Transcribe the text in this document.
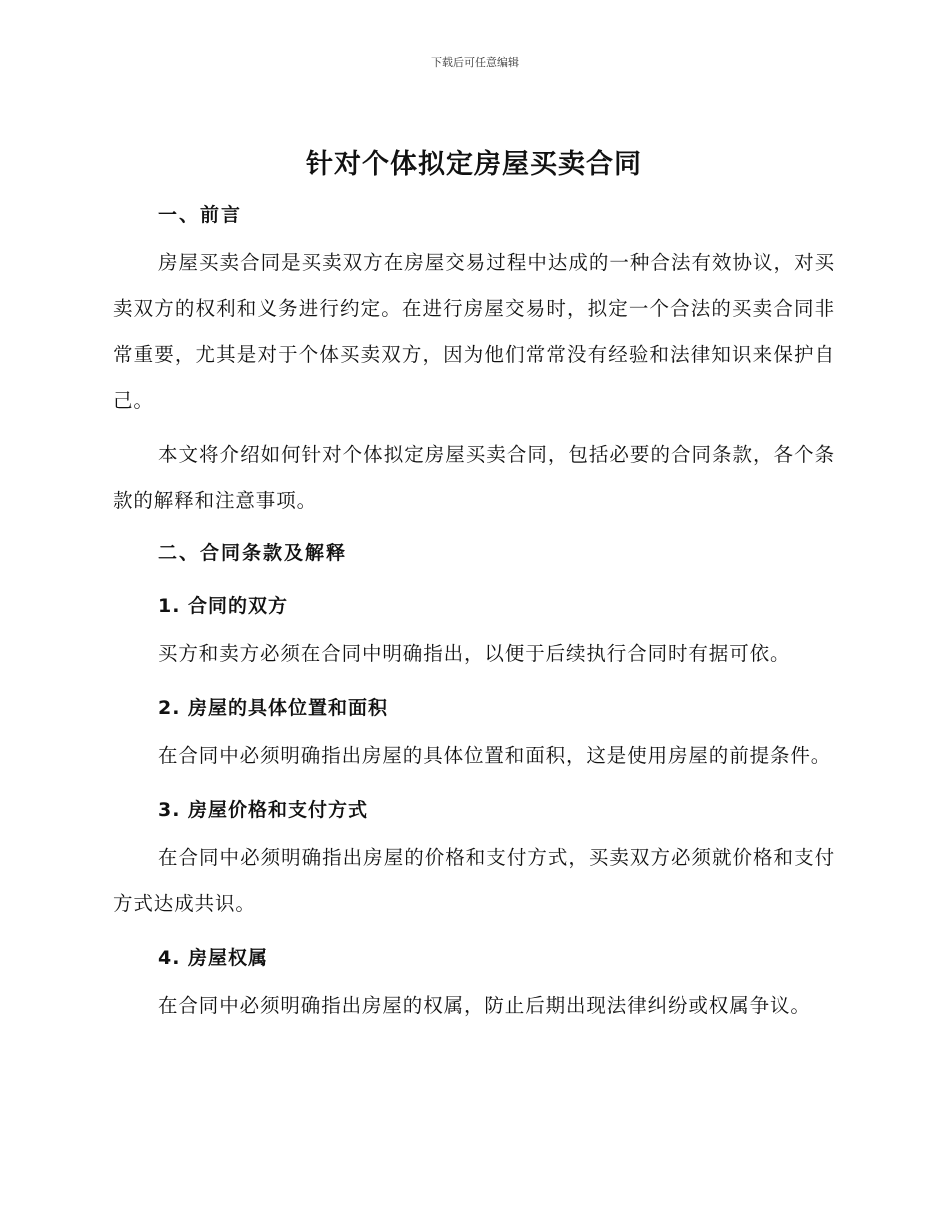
下载后可任意编辑
针对个体拟定房屋买卖合同
一、前言

房屋买卖合同是买卖双方在房屋交易过程中达成的一种合法有效协议，对买卖双方的权利和义务进行约定。在进行房屋交易时，拟定一个合法的买卖合同非常重要，尤其是对于个体买卖双方，因为他们常常没有经验和法律知识来保护自己。

本文将介绍如何针对个体拟定房屋买卖合同，包括必要的合同条款，各个条款的解释和注意事项。

二、合同条款及解释
1. 合同的双方

买方和卖方必须在合同中明确指出，以便于后续执行合同时有据可依。

2. 房屋的具体位置和面积

在合同中必须明确指出房屋的具体位置和面积，这是使用房屋的前提条件。

3. 房屋价格和支付方式

在合同中必须明确指出房屋的价格和支付方式，买卖双方必须就价格和支付方式达成共识。

4. 房屋权属

在合同中必须明确指出房屋的权属，防止后期出现法律纠纷或权属争议。
